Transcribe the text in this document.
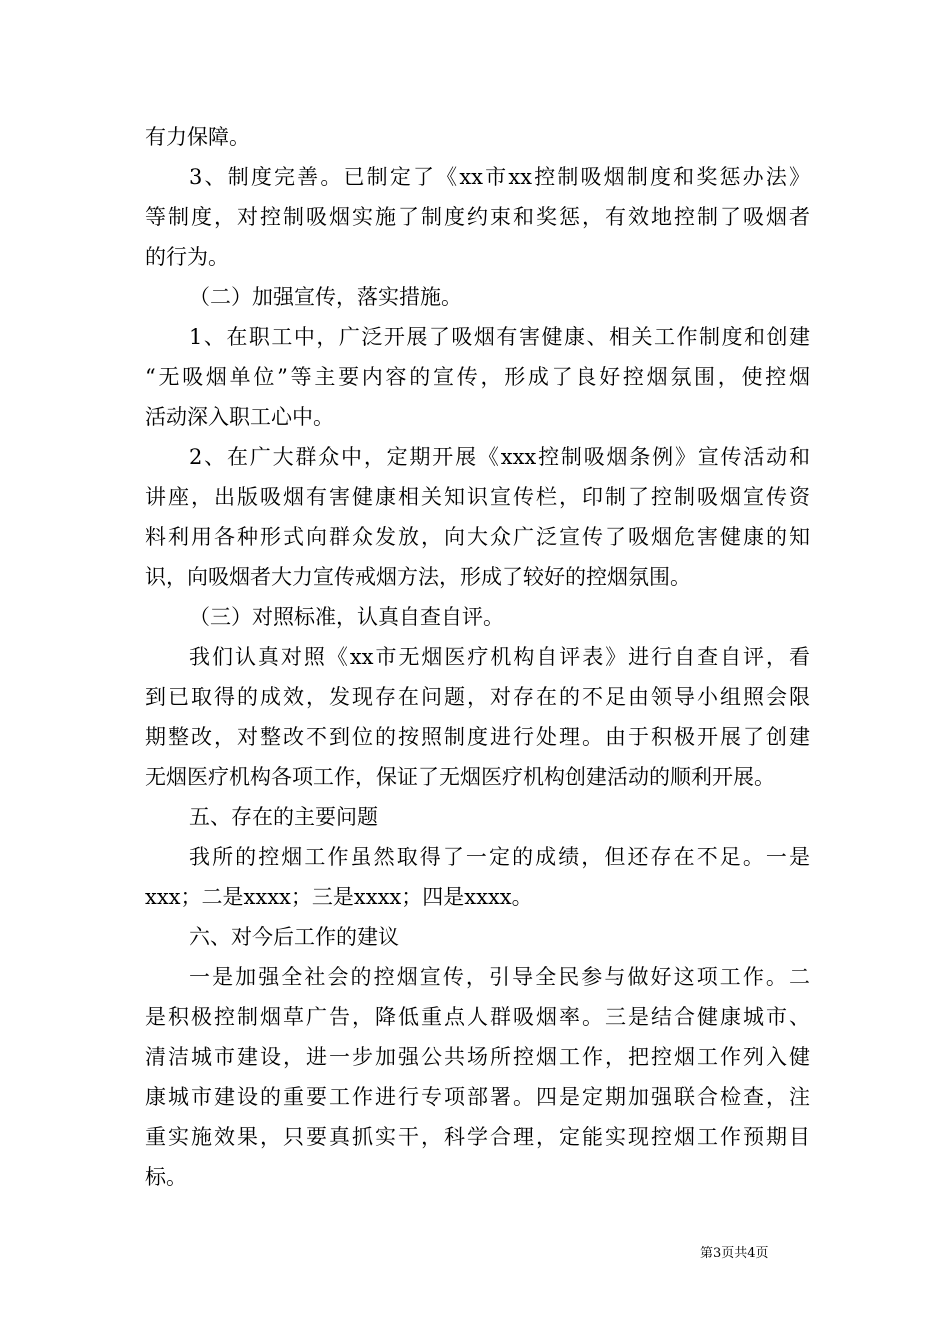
有力保障。
3、制度完善。已制定了《xx市xx控制吸烟制度和奖惩办法》
等制度，对控制吸烟实施了制度约束和奖惩，有效地控制了吸烟者
的行为。
（二）加强宣传，落实措施。
1、在职工中，广泛开展了吸烟有害健康、相关工作制度和创建
“无吸烟单位”等主要内容的宣传，形成了良好控烟氛围，使控烟
活动深入职工心中。
2、在广大群众中，定期开展《xxx控制吸烟条例》宣传活动和
讲座，出版吸烟有害健康相关知识宣传栏，印制了控制吸烟宣传资
料利用各种形式向群众发放，向大众广泛宣传了吸烟危害健康的知
识，向吸烟者大力宣传戒烟方法，形成了较好的控烟氛围。
（三）对照标准，认真自查自评。
我们认真对照《xx市无烟医疗机构自评表》进行自查自评，看
到已取得的成效，发现存在问题，对存在的不足由领导小组照会限
期整改，对整改不到位的按照制度进行处理。由于积极开展了创建
无烟医疗机构各项工作，保证了无烟医疗机构创建活动的顺利开展。
五、存在的主要问题
我所的控烟工作虽然取得了一定的成绩，但还存在不足。一是
xxx；二是xxxx；三是xxxx；四是xxxx。
六、对今后工作的建议
一是加强全社会的控烟宣传，引导全民参与做好这项工作。二
是积极控制烟草广告，降低重点人群吸烟率。三是结合健康城市、
清洁城市建设，进一步加强公共场所控烟工作，把控烟工作列入健
康城市建设的重要工作进行专项部署。四是定期加强联合检查，注
重实施效果，只要真抓实干，科学合理，定能实现控烟工作预期目
标。
第3页共4页
